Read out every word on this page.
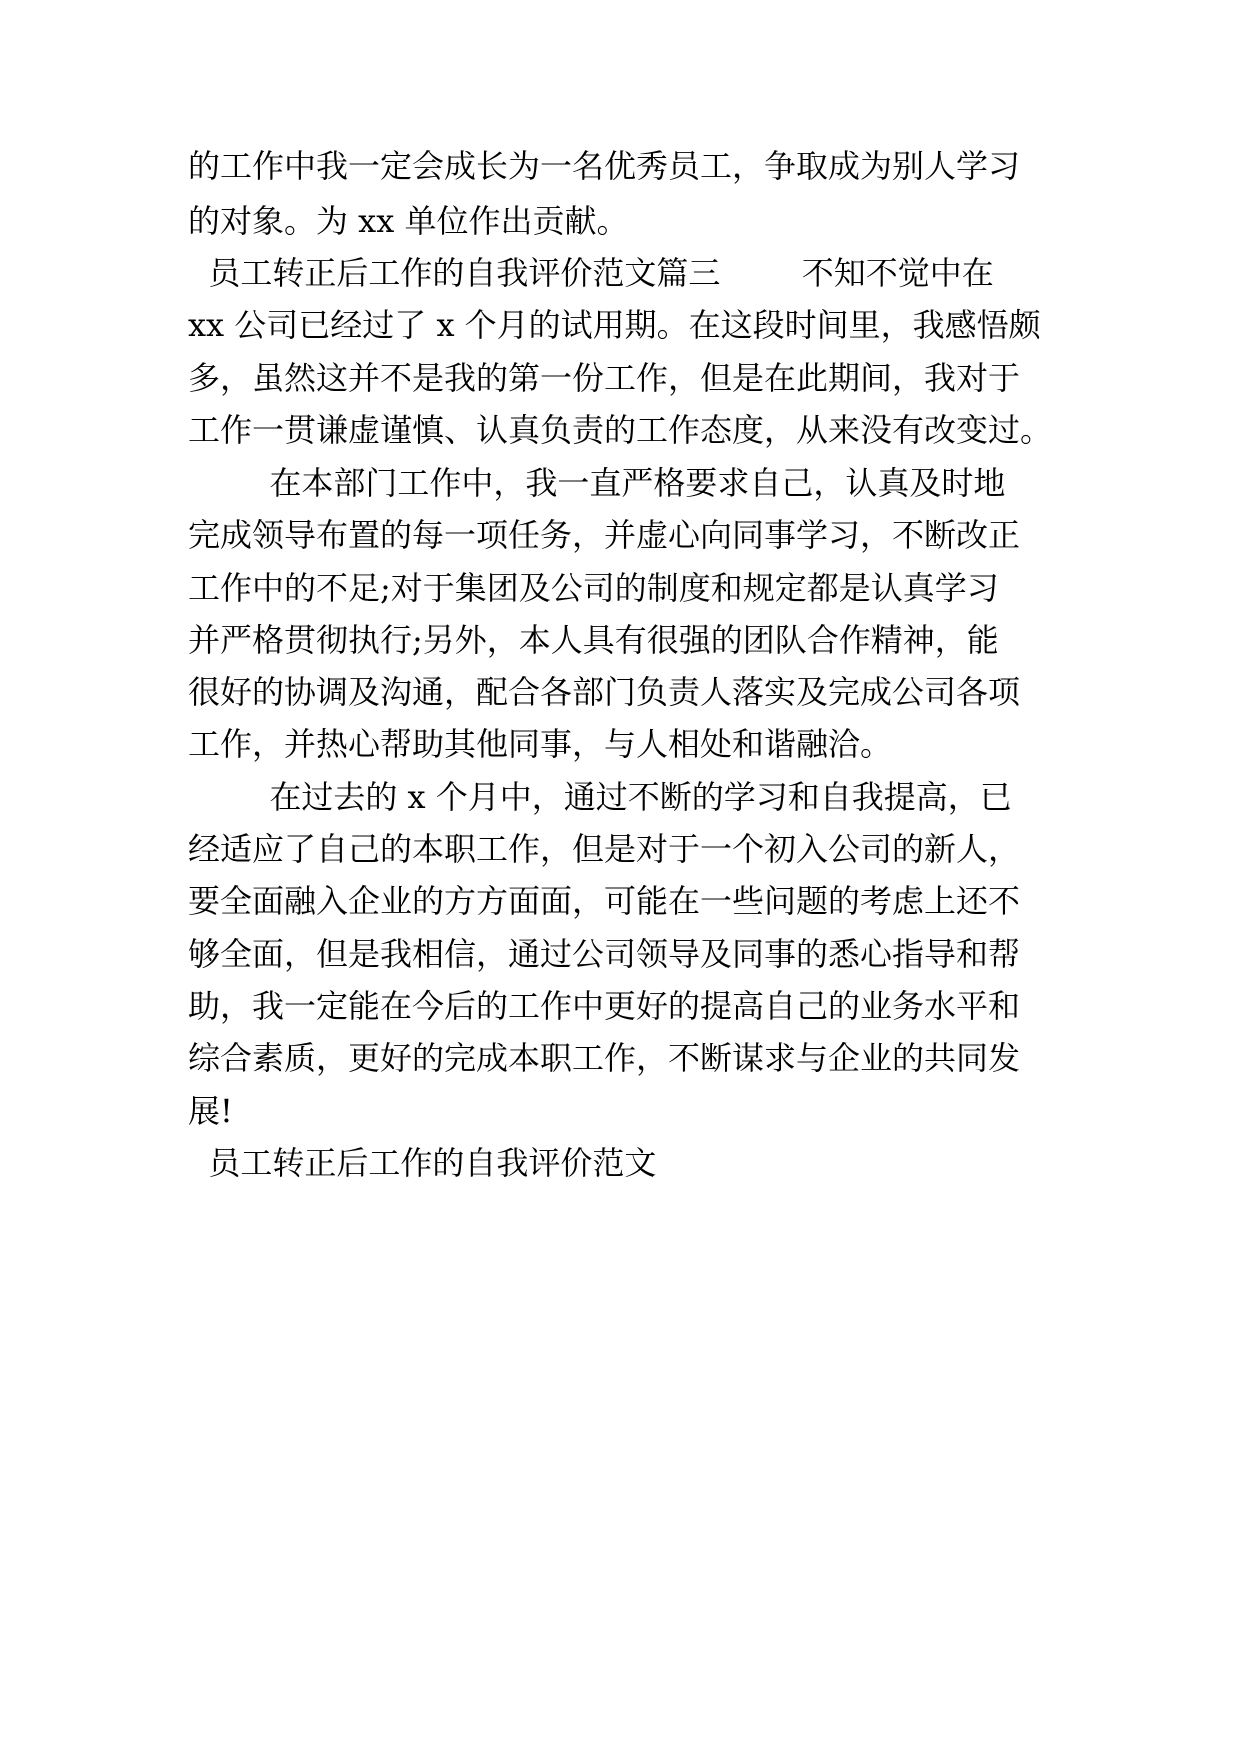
的工作中我一定会成长为一名优秀员工，争取成为别人学习
的对象。为 xx 单位作出贡献。
员工转正后工作的自我评价范文篇三        不知不觉中在
xx 公司已经过了 x 个月的试用期。在这段时间里，我感悟颇
多，虽然这并不是我的第一份工作，但是在此期间，我对于
工作一贯谦虚谨慎、认真负责的工作态度，从来没有改变过。
在本部门工作中，我一直严格要求自己，认真及时地
完成领导布置的每一项任务，并虚心向同事学习，不断改正
工作中的不足;对于集团及公司的制度和规定都是认真学习
并严格贯彻执行;另外，本人具有很强的团队合作精神，能
很好的协调及沟通，配合各部门负责人落实及完成公司各项
工作，并热心帮助其他同事，与人相处和谐融洽。
在过去的 x 个月中，通过不断的学习和自我提高，已
经适应了自己的本职工作，但是对于一个初入公司的新人，
要全面融入企业的方方面面，可能在一些问题的考虑上还不
够全面，但是我相信，通过公司领导及同事的悉心指导和帮
助，我一定能在今后的工作中更好的提高自己的业务水平和
综合素质，更好的完成本职工作，不断谋求与企业的共同发
展!
员工转正后工作的自我评价范文
